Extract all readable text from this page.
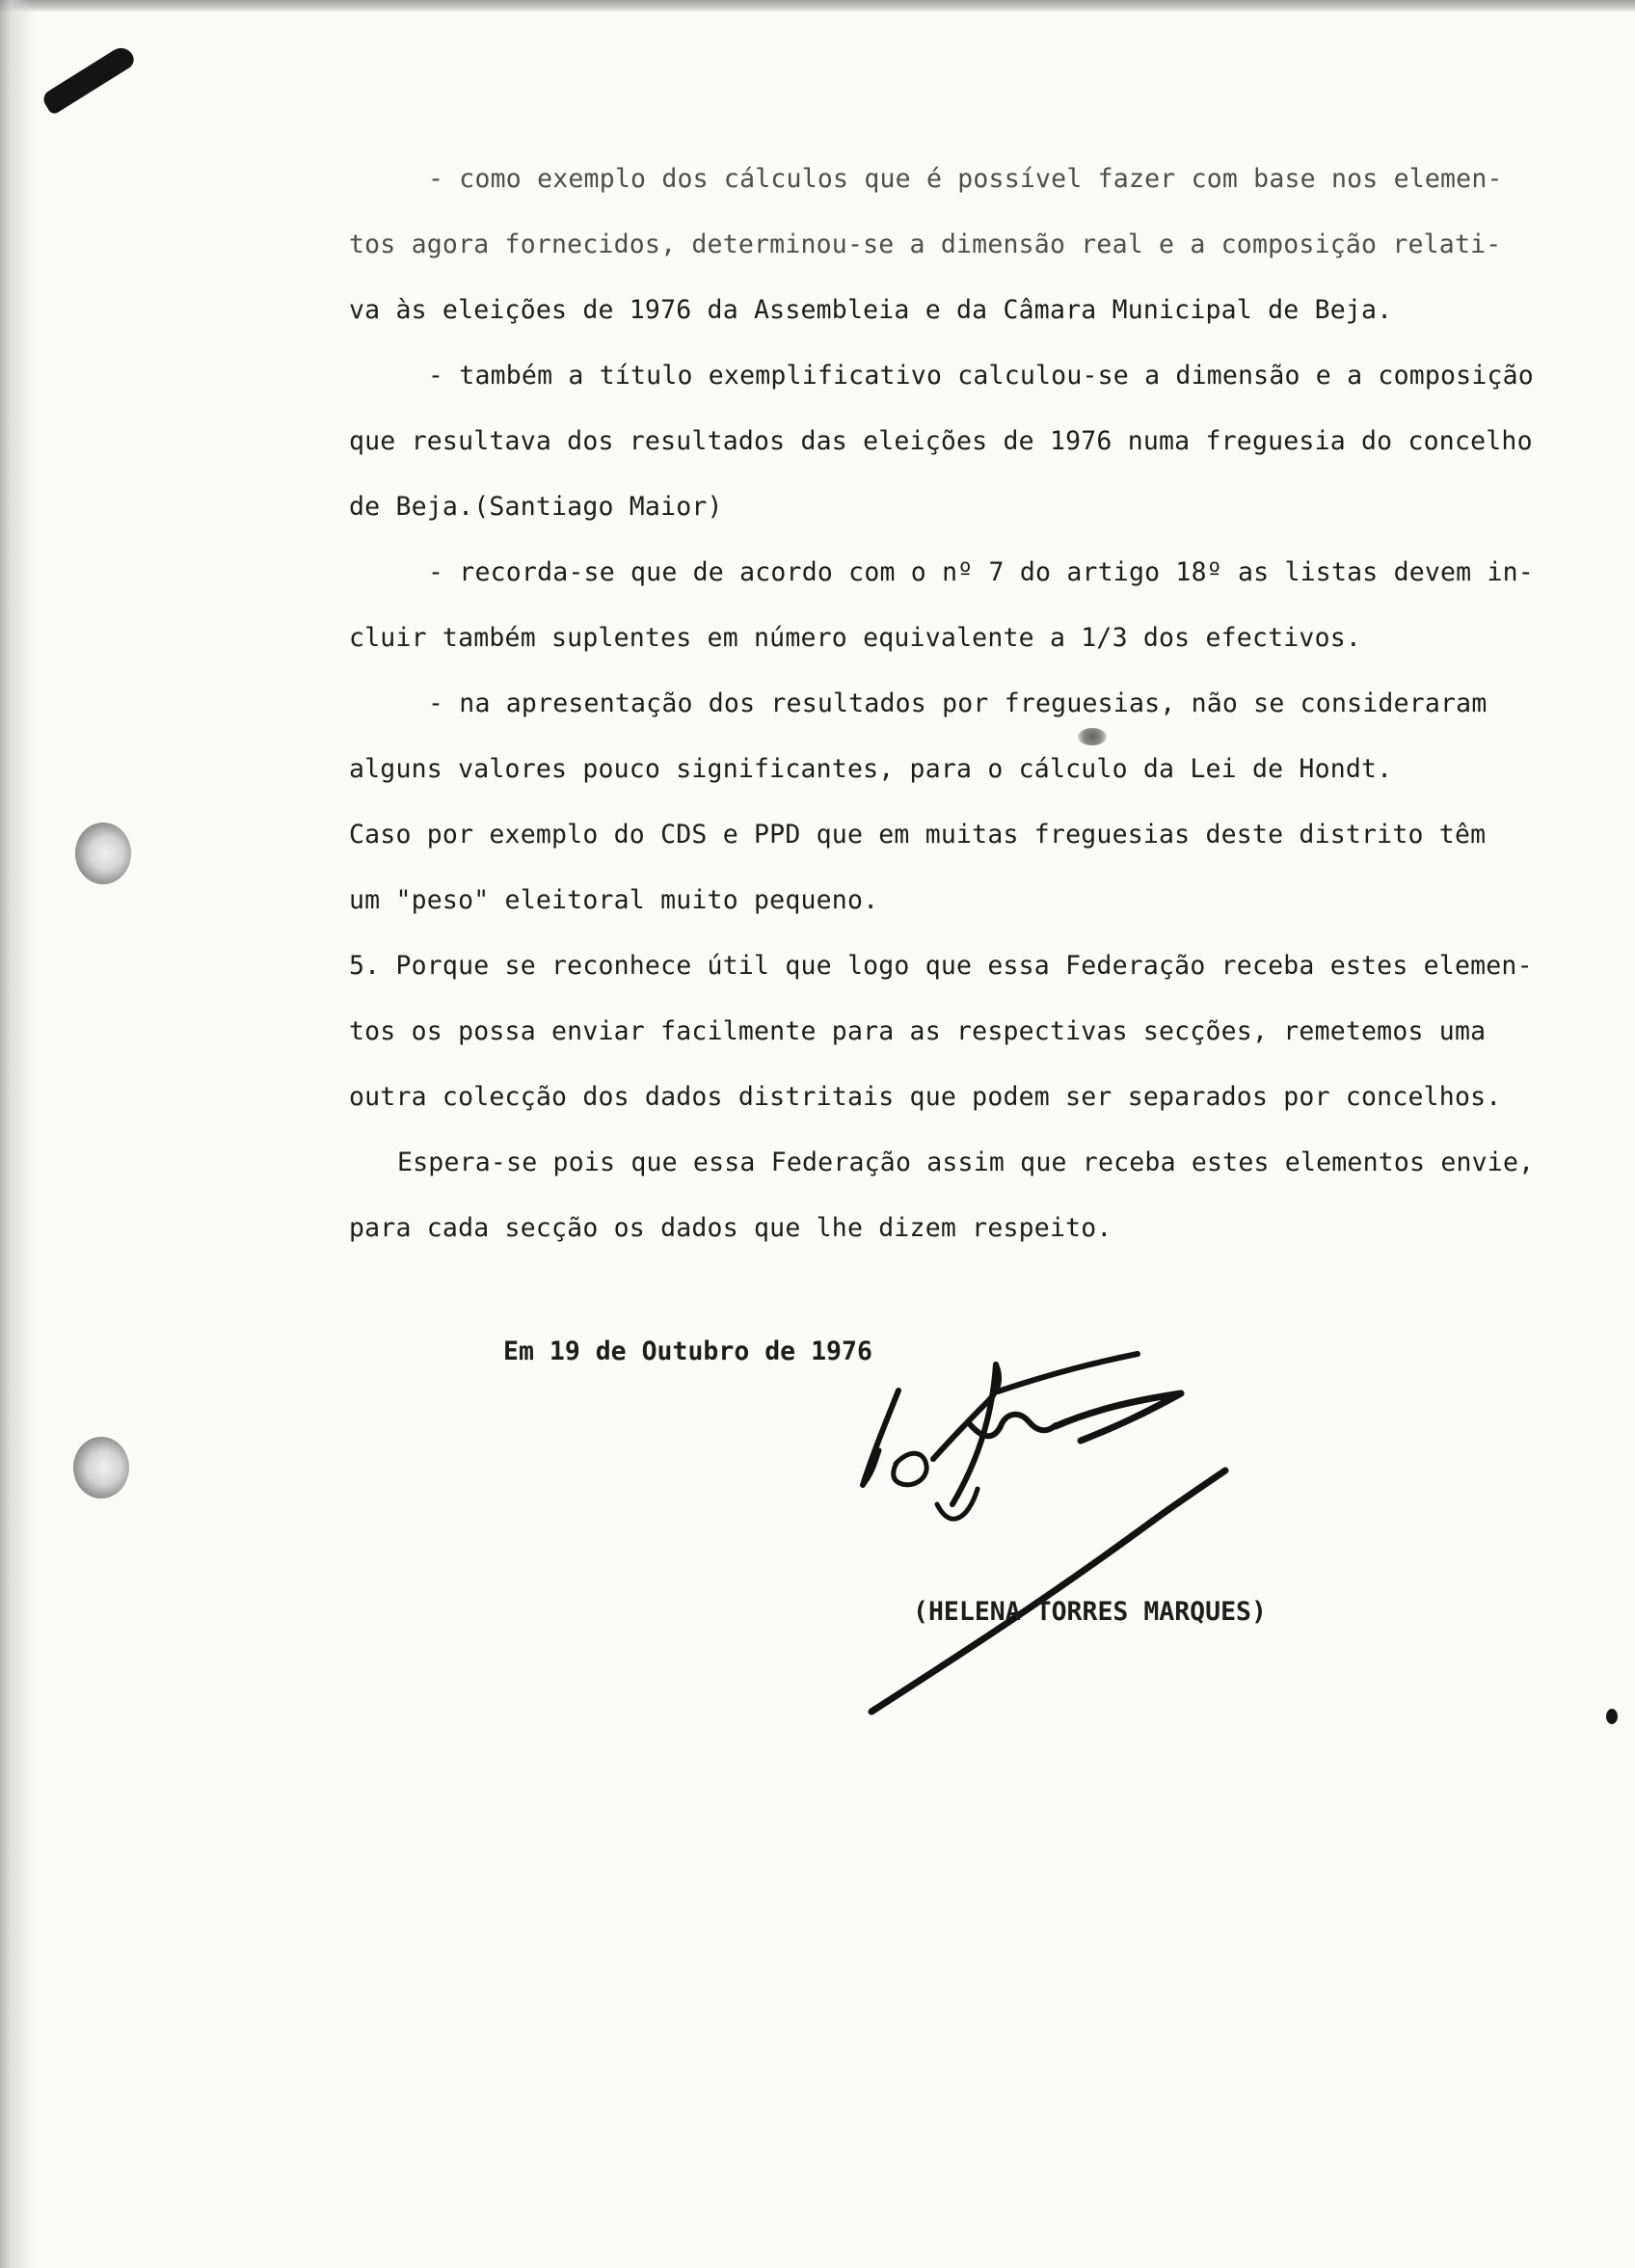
- como exemplo dos cálculos que é possível fazer com base nos elemen-

tos agora fornecidos, determinou-se a dimensão real e a composição relati-

va às eleições de 1976 da Assembleia e da Câmara Municipal de Beja.

- também a título exemplificativo calculou-se a dimensão e a composição

que resultava dos resultados das eleições de 1976 numa freguesia do concelho

de Beja.(Santiago Maior)

- recorda-se que de acordo com o nº 7 do artigo 18º as listas devem in-

cluir também suplentes em número equivalente a 1/3 dos efectivos.

- na apresentação dos resultados por freguesias, não se consideraram

alguns valores pouco significantes, para o cálculo da Lei de Hondt.

Caso por exemplo do CDS e PPD que em muitas freguesias deste distrito têm

um "peso" eleitoral muito pequeno.

5. Porque se reconhece útil que logo que essa Federação receba estes elemen-

tos os possa enviar facilmente para as respectivas secções, remetemos uma

outra colecção dos dados distritais que podem ser separados por concelhos.

Espera-se pois que essa Federação assim que receba estes elementos envie,

para cada secção os dados que lhe dizem respeito.

Em 19 de Outubro de 1976

(HELENA TORRES MARQUES)
